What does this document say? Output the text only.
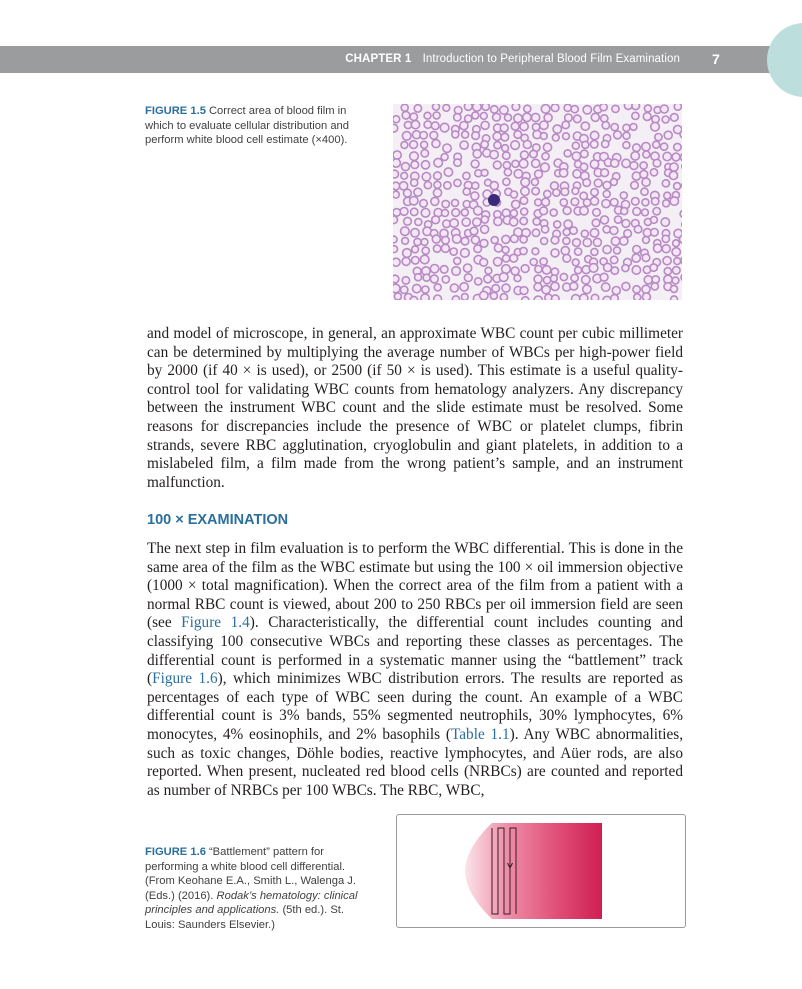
CHAPTER 1 Introduction to Peripheral Blood Film Examination 7
FIGURE 1.5 Correct area of blood film in which to evaluate cellular distribution and perform white blood cell estimate (×400).
and model of microscope, in general, an approximate WBC count per cubic millimeter can be determined by multiplying the average number of WBCs per high-power field by 2000 (if 40 × is used), or 2500 (if 50 × is used). This estimate is a useful quality-control tool for validating WBC counts from hematology analyzers. Any discrepancy between the instrument WBC count and the slide estimate must be resolved. Some reasons for discrepancies include the presence of WBC or platelet clumps, fibrin strands, severe RBC agglutination, cryoglobulin and giant platelets, in addition to a mislabeled film, a film made from the wrong patient’s sample, and an instrument malfunction.
100 × EXAMINATION
The next step in film evaluation is to perform the WBC differential. This is done in the same area of the film as the WBC estimate but using the 100 × oil immersion objective (1000 × total magnification). When the correct area of the film from a patient with a normal RBC count is viewed, about 200 to 250 RBCs per oil immersion field are seen (see Figure 1.4). Characteristically, the differential count includes counting and classifying 100 consecutive WBCs and reporting these classes as percentages. The differential count is performed in a systematic manner using the “battlement” track (Figure 1.6), which minimizes WBC distribution errors. The results are reported as percentages of each type of WBC seen during the count. An example of a WBC differential count is 3% bands, 55% segmented neutrophils, 30% lymphocytes, 6% monocytes, 4% eosinophils, and 2% basophils (Table 1.1). Any WBC abnormalities, such as toxic changes, Döhle bodies, reactive lymphocytes, and Aüer rods, are also reported. When present, nucleated red blood cells (NRBCs) are counted and reported as number of NRBCs per 100 WBCs. The RBC, WBC,
FIGURE 1.6 “Battlement” pattern for performing a white blood cell differential. (From Keohane E.A., Smith L., Walenga J. (Eds.) (2016). Rodak’s hematology: clinical principles and applications. (5th ed.). St. Louis: Saunders Elsevier.)
